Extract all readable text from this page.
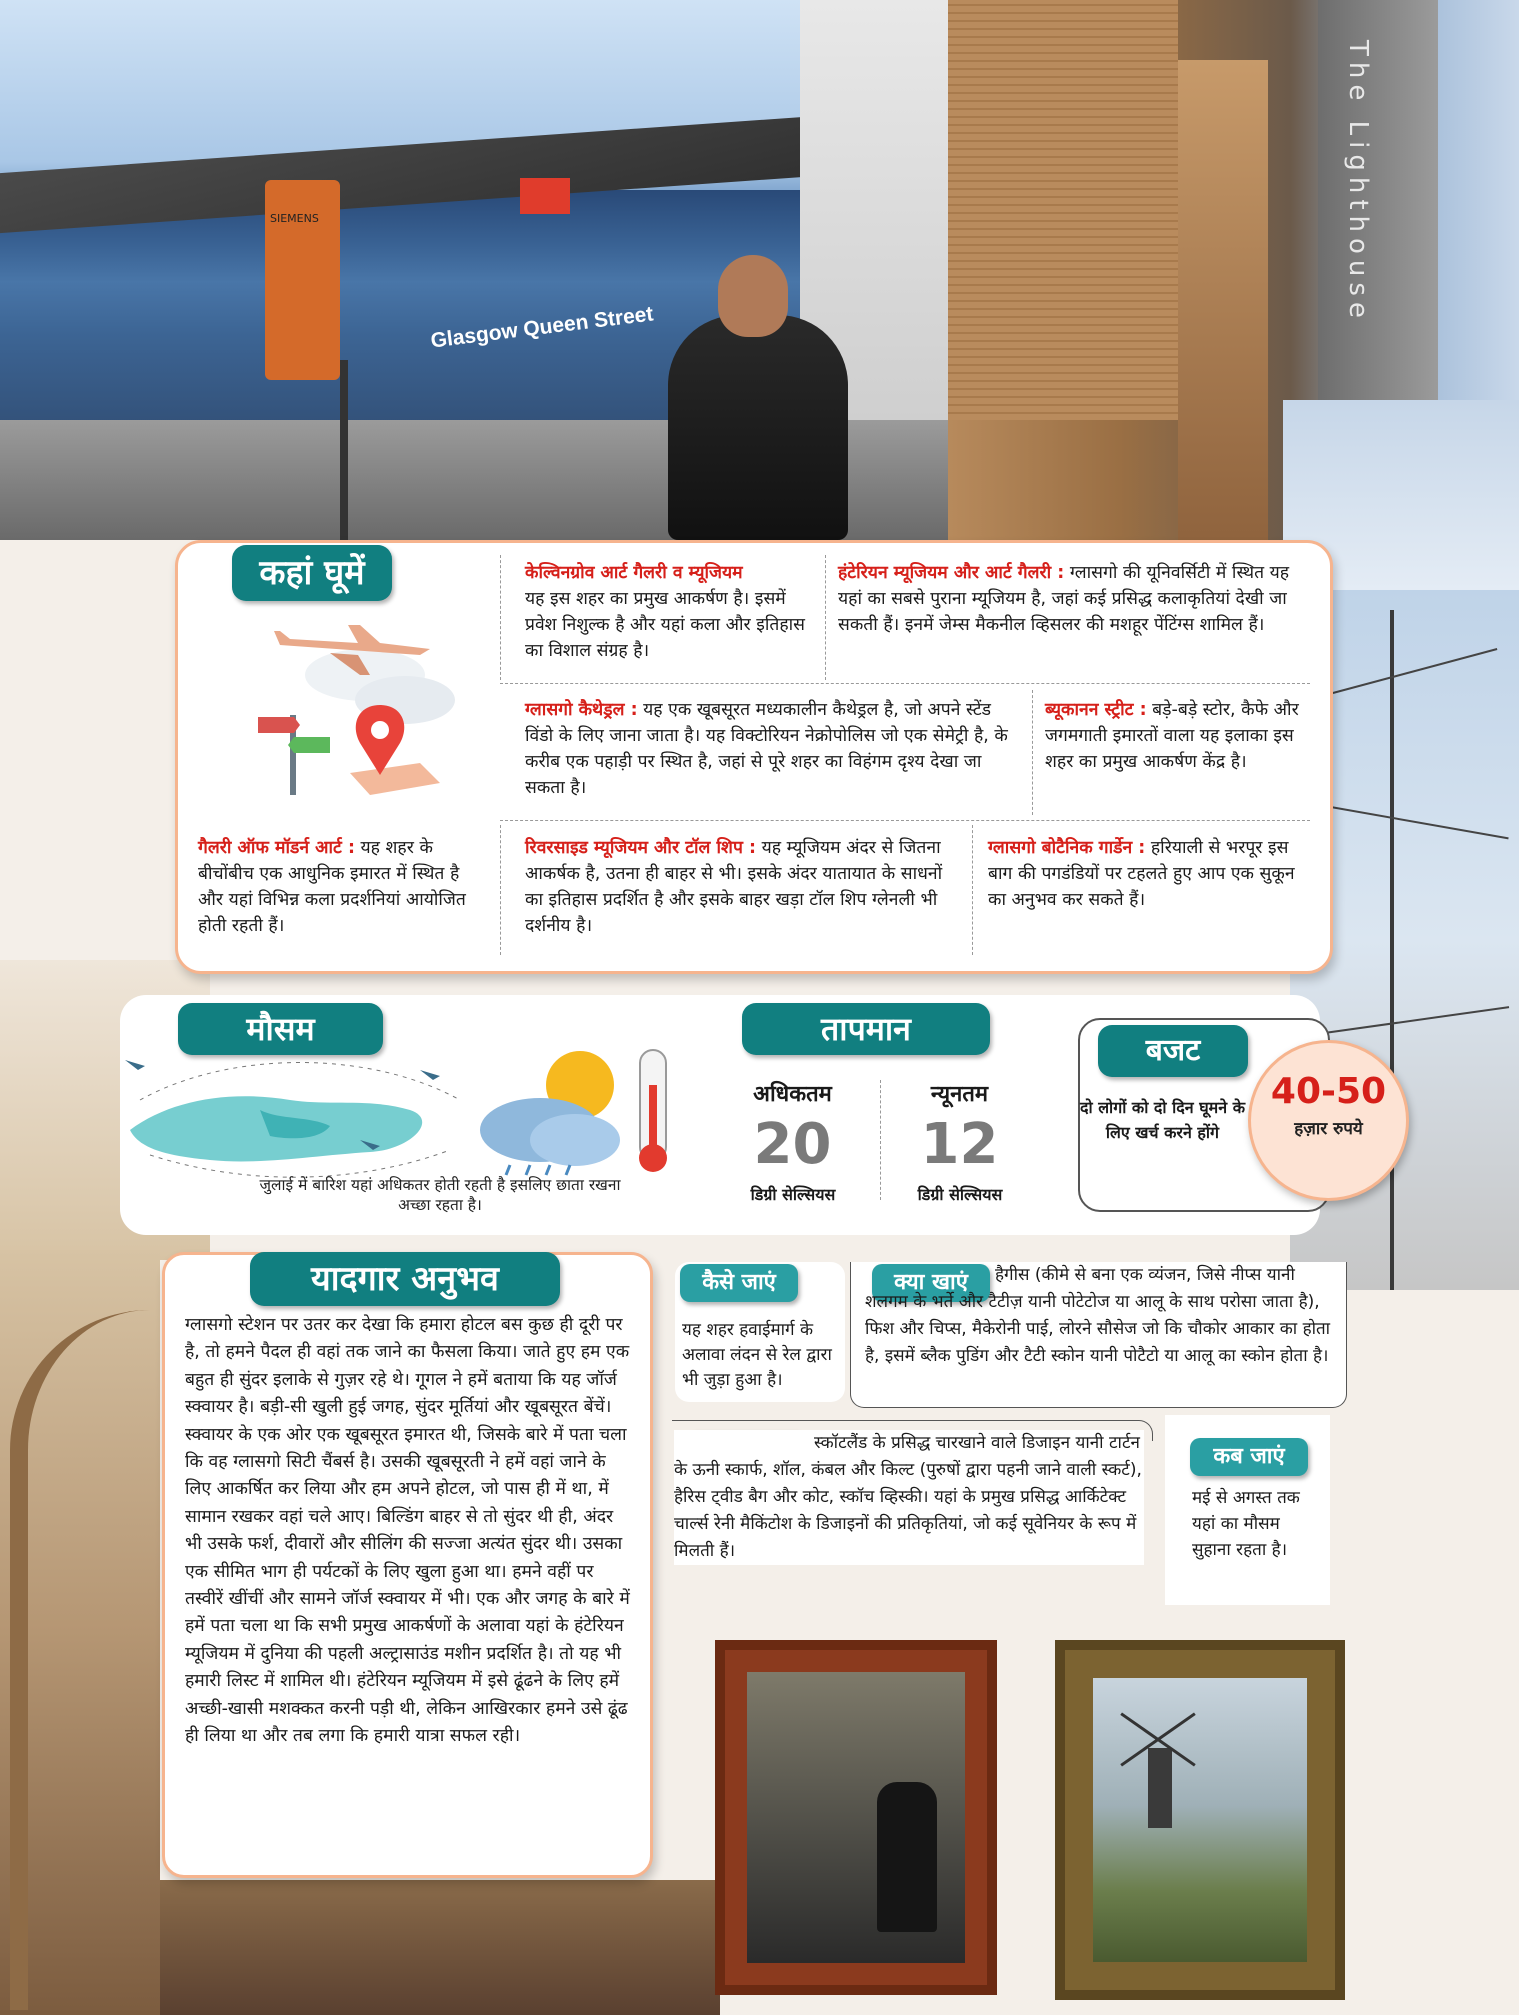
Glasgow Queen Street
SIEMENS	The Lighthouse
कहां घूमें	केल्विनग्रोव आर्ट गैलरी व म्यूजियम
यह इस शहर का प्रमुख आकर्षण है। इसमें प्रवेश निशुल्क है और यहां कला और इतिहास का विशाल संग्रह है।
हंटेरियन म्यूजियम और आर्ट गैलरी : ग्लासगो की यूनिवर्सिटी में स्थित यह यहां का सबसे पुराना म्यूजियम है, जहां कई प्रसिद्ध कलाकृतियां देखी जा सकती हैं। इनमें जेम्स मैकनील व्हिसलर की मशहूर पेंटिंग्स शामिल हैं।
ग्लासगो कैथेड्रल : यह एक खूबसूरत मध्यकालीन कैथेड्रल है, जो अपने स्टेंड विंडो के लिए जाना जाता है। यह विक्टोरियन नेक्रोपोलिस जो एक सेमेट्री है, के करीब एक पहाड़ी पर स्थित है, जहां से पूरे शहर का विहंगम दृश्य देखा जा सकता है।
ब्यूकानन स्ट्रीट : बड़े-बड़े स्टोर, कैफे और जगमगाती इमारतों वाला यह इलाका इस शहर का प्रमुख आकर्षण केंद्र है।
गैलरी ऑफ मॉडर्न आर्ट : यह शहर के बीचोंबीच एक आधुनिक इमारत में स्थित है और यहां विभिन्न कला प्रदर्शनियां आयोजित होती रहती हैं।
रिवरसाइड म्यूजियम और टॉल शिप : यह म्यूजियम अंदर से जितना आकर्षक है, उतना ही बाहर से भी। इसके अंदर यातायात के साधनों का इतिहास प्रदर्शित है और इसके बाहर खड़ा टॉल शिप ग्लेनली भी दर्शनीय है।
ग्लासगो बोटैनिक गार्डेन : हरियाली से भरपूर इस बाग की पगडंडियों पर टहलते हुए आप एक सुकून का अनुभव कर सकते हैं।
मौसम
जुलाई में बारिश यहां अधिकतर होती रहती है इसलिए छाता रखना अच्छा रहता है।
तापमान
अधिकतम
20
डिग्री सेल्सियस
न्यूनतम
12
डिग्री सेल्सियस
बजट
दो लोगों को दो दिन घूमने के लिए खर्च करने होंगे
40-50
हज़ार रुपये
यादगार अनुभव
ग्लासगो स्टेशन पर उतर कर देखा कि हमारा होटल बस कुछ ही दूरी पर है, तो हमने पैदल ही वहां तक जाने का फैसला किया। जाते हुए हम एक बहुत ही सुंदर इलाके से गुज़र रहे थे। गूगल ने हमें बताया कि यह जॉर्ज स्क्वायर है। बड़ी-सी खुली हुई जगह, सुंदर मूर्तियां और खूबसूरत बेंचें। स्क्वायर के एक ओर एक खूबसूरत इमारत थी, जिसके बारे में पता चला कि वह ग्लासगो सिटी चैंबर्स है। उसकी खूबसूरती ने हमें वहां जाने के लिए आकर्षित कर लिया और हम अपने होटल, जो पास ही में था, में सामान रखकर वहां चले आए। बिल्डिंग बाहर से तो सुंदर थी ही, अंदर भी उसके फर्श, दीवारों और सीलिंग की सज्जा अत्यंत सुंदर थी। उसका एक सीमित भाग ही पर्यटकों के लिए खुला हुआ था। हमने वहीं पर तस्वीरें खींचीं और सामने जॉर्ज स्क्वायर में भी। एक और जगह के बारे में हमें पता चला था कि सभी प्रमुख आकर्षणों के अलावा यहां के हंटेरियन म्यूजियम में दुनिया की पहली अल्ट्रासाउंड मशीन प्रदर्शित है। तो यह भी हमारी लिस्ट में शामिल थी। हंटेरियन म्यूजियम में इसे ढूंढने के लिए हमें अच्छी-खासी मशक्कत करनी पड़ी थी, लेकिन आखिरकार हमने उसे ढूंढ ही लिया था और तब लगा कि हमारी यात्रा सफल रही।
कैसे जाएं
यह शहर हवाईमार्ग के अलावा लंदन से रेल द्वारा भी जुड़ा हुआ है।
क्या खाएं	हैगीस (कीमे से बना एक व्यंजन, जिसे नीप्स यानी शलगम के भर्ते और टैटीज़ यानी पोटेटोज या आलू के साथ परोसा जाता है), फिश और चिप्स, मैकेरोनी पाई, लोरने सौसेज जो कि चौकोर आकार का होता है, इसमें ब्लैक पुडिंग और टैटी स्कोन यानी पोटैटो या आलू का स्कोन होता है।
स्कॉटलैंड के प्रसिद्ध चारखाने वाले डिजाइन यानी टार्टन के ऊनी स्कार्फ, शॉल, कंबल और किल्ट (पुरुषों द्वारा पहनी जाने वाली स्कर्ट), हैरिस ट्वीड बैग और कोट, स्कॉच व्हिस्की। यहां के प्रमुख प्रसिद्ध आर्किटेक्ट चार्ल्स रेनी मैकिंटोश के डिजाइनों की प्रतिकृतियां, जो कई सूवेनियर के रूप में मिलती हैं।
कब जाएं
मई से अगस्त तक यहां का मौसम सुहाना रहता है।
